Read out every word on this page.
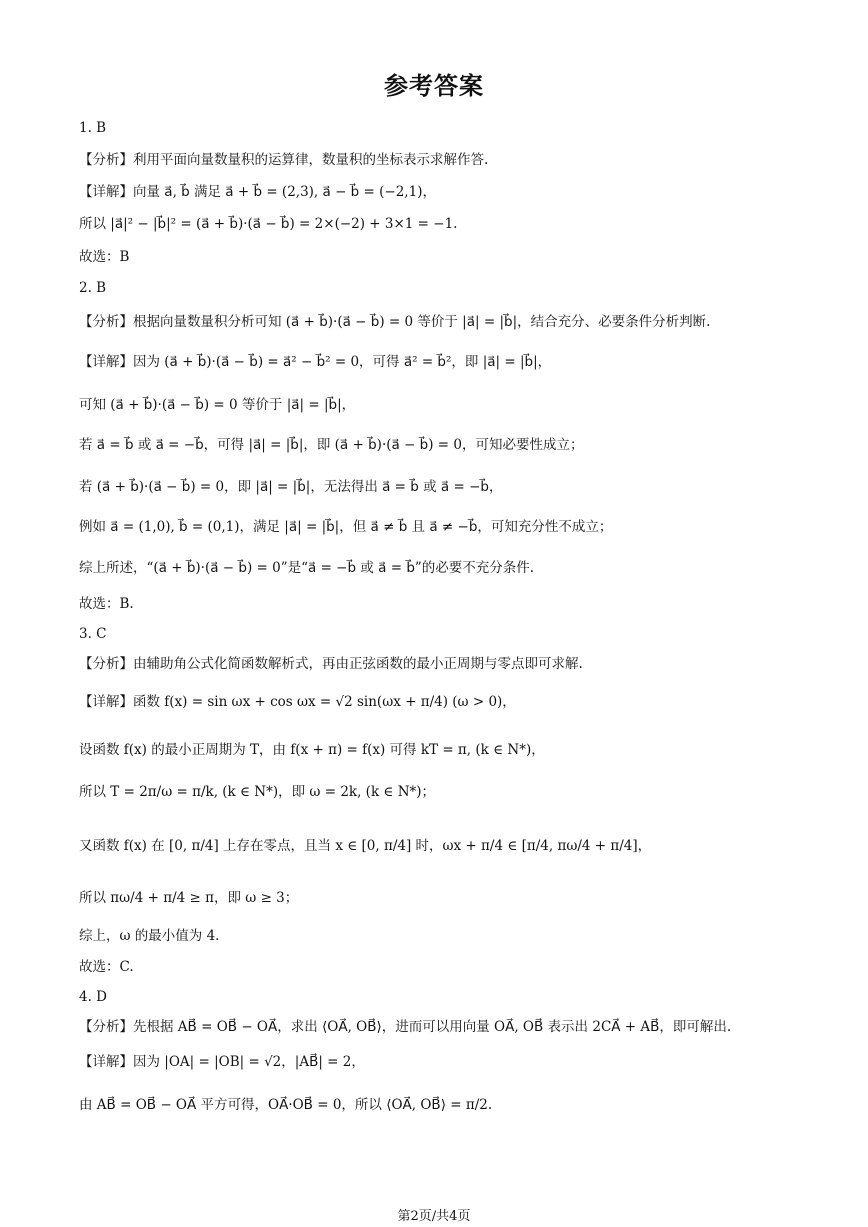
参考答案
1. B
【分析】利用平面向量数量积的运算律，数量积的坐标表示求解作答.
【详解】向量 a⃗, b⃗ 满足 a⃗ + b⃗ = (2,3), a⃗ − b⃗ = (−2,1)，
所以 |a⃗|² − |b⃗|² = (a⃗ + b⃗)·(a⃗ − b⃗) = 2×(−2) + 3×1 = −1.
故选：B
2. B
【分析】根据向量数量积分析可知 (a⃗ + b⃗)·(a⃗ − b⃗) = 0 等价于 |a⃗| = |b⃗|，结合充分、必要条件分析判断.
【详解】因为 (a⃗ + b⃗)·(a⃗ − b⃗) = a⃗² − b⃗² = 0，可得 a⃗² = b⃗²，即 |a⃗| = |b⃗|，
可知 (a⃗ + b⃗)·(a⃗ − b⃗) = 0 等价于 |a⃗| = |b⃗|，
若 a⃗ = b⃗ 或 a⃗ = −b⃗，可得 |a⃗| = |b⃗|，即 (a⃗ + b⃗)·(a⃗ − b⃗) = 0，可知必要性成立；
若 (a⃗ + b⃗)·(a⃗ − b⃗) = 0，即 |a⃗| = |b⃗|，无法得出 a⃗ = b⃗ 或 a⃗ = −b⃗，
例如 a⃗ = (1,0), b⃗ = (0,1)，满足 |a⃗| = |b⃗|，但 a⃗ ≠ b⃗ 且 a⃗ ≠ −b⃗，可知充分性不成立；
综上所述，“(a⃗ + b⃗)·(a⃗ − b⃗) = 0”是“a⃗ = −b⃗ 或 a⃗ = b⃗”的必要不充分条件.
故选：B.
3. C
【分析】由辅助角公式化简函数解析式，再由正弦函数的最小正周期与零点即可求解.
【详解】函数 f(x) = sin ωx + cos ωx = √2 sin(ωx + π/4) (ω > 0)，
设函数 f(x) 的最小正周期为 T，由 f(x + π) = f(x) 可得 kT = π, (k ∈ N*)，
所以 T = 2π/ω = π/k, (k ∈ N*)，即 ω = 2k, (k ∈ N*)；
又函数 f(x) 在 [0, π/4] 上存在零点，且当 x ∈ [0, π/4] 时，ωx + π/4 ∈ [π/4, πω/4 + π/4]，
所以 πω/4 + π/4 ≥ π，即 ω ≥ 3；
综上，ω 的最小值为 4.
故选：C.
4. D
【分析】先根据 AB⃗ = OB⃗ − OA⃗，求出 ⟨OA⃗, OB⃗⟩，进而可以用向量 OA⃗, OB⃗ 表示出 2CA⃗ + AB⃗，即可解出.
【详解】因为 |OA| = |OB| = √2，|AB⃗| = 2，
由 AB⃗ = OB⃗ − OA⃗ 平方可得，OA⃗·OB⃗ = 0，所以 ⟨OA⃗, OB⃗⟩ = π/2.
第2页/共4页
